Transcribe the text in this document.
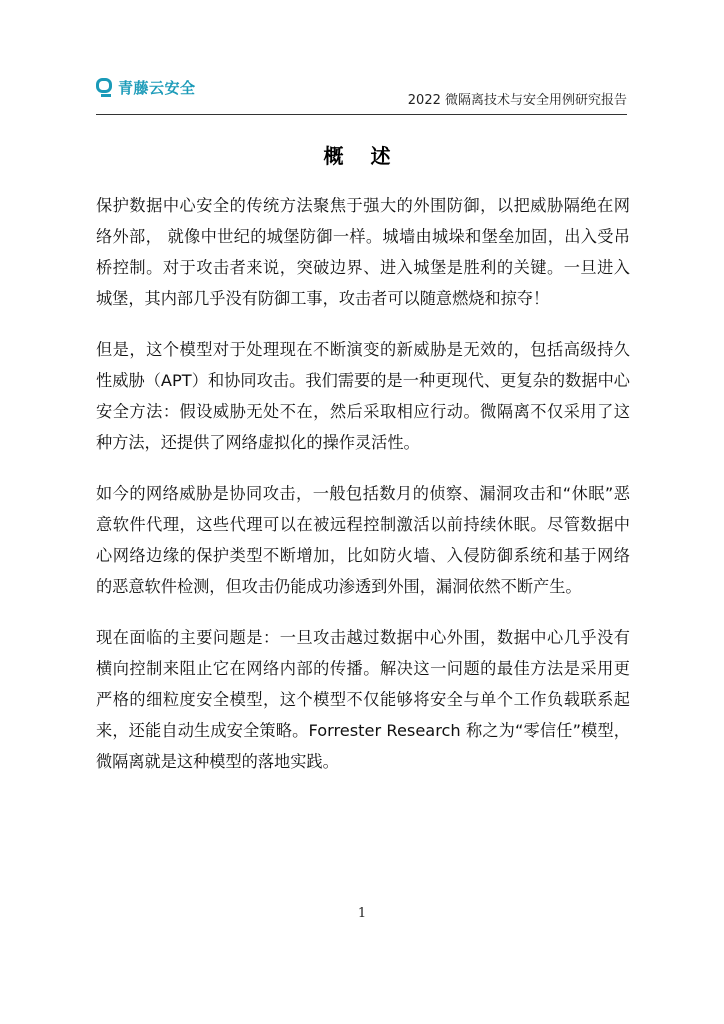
青藤云安全
2022 微隔离技术与安全用例研究报告
概 述

保护数据中心安全的传统方法聚焦于强大的外围防御，以把威胁隔绝在网络外部， 就像中世纪的城堡防御一样。城墙由城垛和堡垒加固，出入受吊桥控制。对于攻击者来说，突破边界、进入城堡是胜利的关键。一旦进入城堡，其内部几乎没有防御工事，攻击者可以随意燃烧和掠夺！

但是，这个模型对于处理现在不断演变的新威胁是无效的，包括高级持久性威胁（APT）和协同攻击。我们需要的是一种更现代、更复杂的数据中心安全方法：假设威胁无处不在，然后采取相应行动。微隔离不仅采用了这种方法，还提供了网络虚拟化的操作灵活性。

如今的网络威胁是协同攻击，一般包括数月的侦察、漏洞攻击和“休眠”恶意软件代理，这些代理可以在被远程控制激活以前持续休眠。尽管数据中心网络边缘的保护类型不断增加，比如防火墙、入侵防御系统和基于网络的恶意软件检测，但攻击仍能成功渗透到外围，漏洞依然不断产生。

现在面临的主要问题是：一旦攻击越过数据中心外围，数据中心几乎没有横向控制来阻止它在网络内部的传播。解决这一问题的最佳方法是采用更严格的细粒度安全模型，这个模型不仅能够将安全与单个工作负载联系起来，还能自动生成安全策略。Forrester Research 称之为“零信任”模型，微隔离就是这种模型的落地实践。

1
